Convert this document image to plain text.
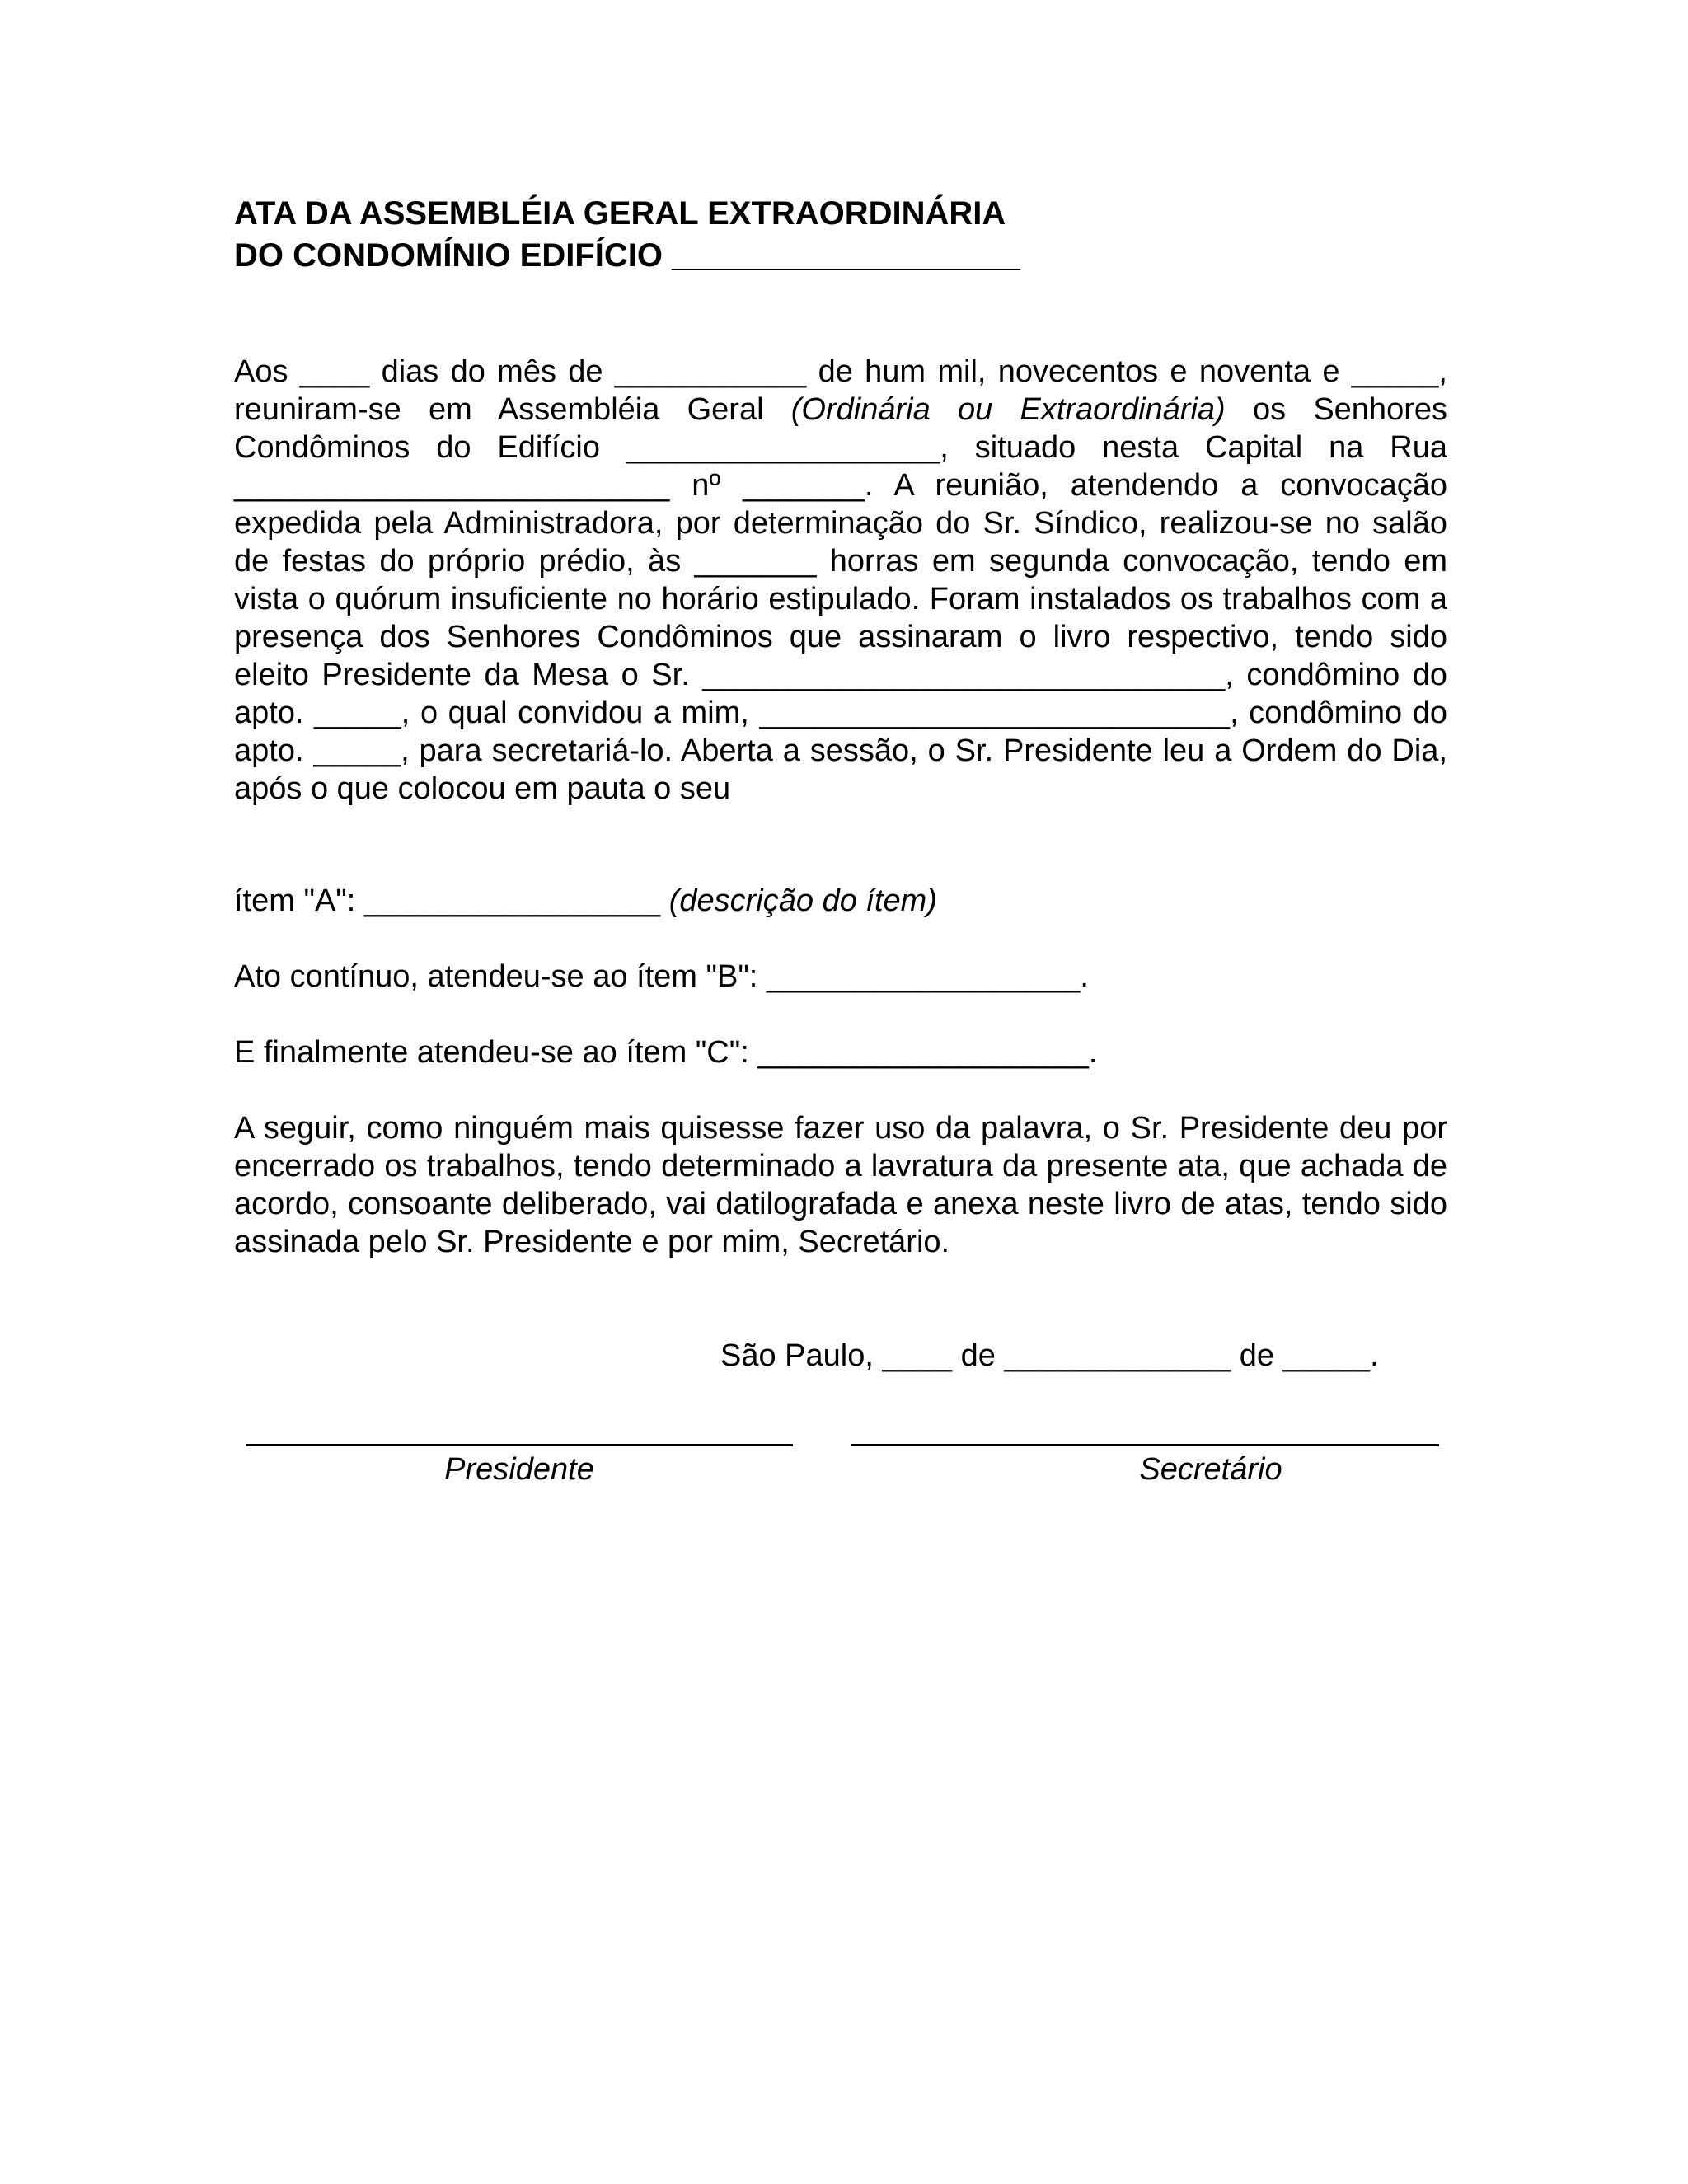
ATA DA ASSEMBLÉIA GERAL EXTRAORDINÁRIA
DO CONDOMÍNIO EDIFÍCIO ___________________
Aos ____ dias do mês de ___________ de hum mil, novecentos e noventa e _____, reuniram-se em Assembléia Geral (Ordinária ou Extraordinária) os Senhores Condôminos do Edifício __________________, situado nesta Capital na Rua _________________________ nº _______. A reunião, atendendo a convocação expedida pela Administradora, por determinação do Sr. Síndico, realizou-se no salão de festas do próprio prédio, às _______ horras em segunda convocação, tendo em vista o quórum insuficiente no horário estipulado. Foram instalados os trabalhos com a presença dos Senhores Condôminos que assinaram o livro respectivo, tendo sido eleito Presidente da Mesa o Sr. ______________________________, condômino do apto. _____, o qual convidou a mim, ___________________________, condômino do apto. _____, para secretariá-lo. Aberta a sessão, o Sr. Presidente leu a Ordem do Dia, após o que colocou em pauta o seu
ítem "A": _________________ (descrição do ítem)
Ato contínuo, atendeu-se ao ítem "B": __________________.
E finalmente atendeu-se ao ítem "C": ___________________.
A seguir, como ninguém mais quisesse fazer uso da palavra, o Sr. Presidente deu por encerrado os trabalhos, tendo determinado a lavratura da presente ata, que achada de acordo, consoante deliberado, vai datilografada e anexa neste livro de atas, tendo sido assinada pelo Sr. Presidente e por mim, Secretário.
São Paulo, ____ de _____________ de _____.
Presidente	Secretário
